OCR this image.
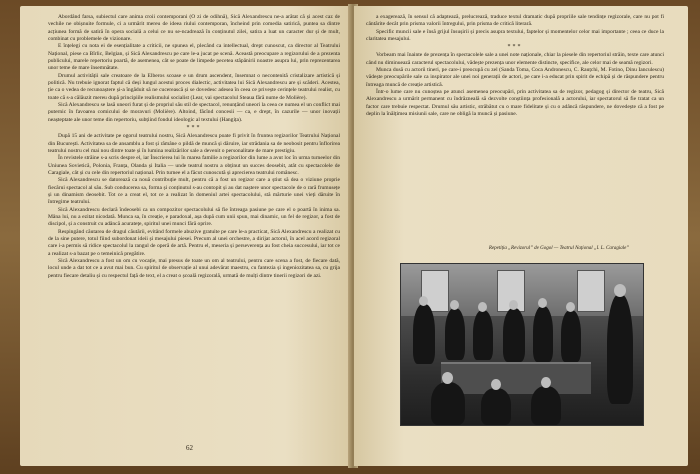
Abordând farsa, subiectul care anima croii contemporani (O zi de odihnă), Sică Alexandrescu ne-a arătat că și acest caz de vechile ne obișnuite formule, ci a urmărit mereu de ideea riului contemporan, încheind prin comedia satirică, puntea sa dintre acțiunea formă de satiră în opera socială a celui ce nu se-ncadrează în conținutul zilei, satira a luat un caracter dur și de mult, combinat cu problemele de vizionare.

E înțelegi cu nota ei de esențialitate a criticii, ne spunea el, plecând ca intellectual, drept cunoscut, ca director al Teatrului Național, piese ca Bîrlic, Belgian, și Sică Alexandrescu pe care le-a jucat pe scenă. Această preocupare a regizorului de a prezenta publicului, marele repertoriu poartă, de asemenea, cât se poate de limpede pecetea stăpânirii noastre asupra lui, prin reprezentarea unor teme de mare însemnătate.

Drumul activității sale creatoare de la Elberos scoase e un drum ascendent, însemnat o necontenită cristalizare artistică și politică. Nu trebuie ignorat faptul că deși lungul acestui proces dialectic, activitatea lui Sică Alexandrescu are și scăderi. Acestea, ție ca o vedea de recunoaștere și-a îngăduit să ne cucerească și se dovedesc adesea în ceea ce privește cerințele teatrului realist, cu toate că s-a călăuzit mereu după principiile realismului socialist (Lear, vai spectacolul Steaua fără nume de Molière).

Sică Alexandrescu se lasă uneori furat și de propriul său stil de spectacol, renunțând uneori la ceea ce numea el un conflict mai puternic în favoarea comicului de moravuri (Molière). Altoind, făcînd concesii — ca, e drept, în cazurile — unor inovații neașteptate ale unor teme din repertoriu, subțiind fondul ideologic al textului (Hangița).

***

După 15 ani de activitate pe ogorul teatrului nostru, Sică Alexandrescu poate fi privit în fruntea regizorilor Teatrului Național din București. Activitatea sa de ansamblu a fost și rămâne o pildă de muncă și dăruire, iar strădania sa de neobosit pentru înflorirea teatrului nostru cel mai nou dintre toate și în lumina realizărilor sale a devenit o personalitate de mare prestigiu.

În revistele străine s-a scris despre el, iar Înscrierea lui în marea familie a regizorilor din lume a avut loc în urma turneelor din Uniunea Sovietică, Polonia, Franța, Olanda și Italia — unde teatrul nostru a obținut un succes deosebit, atât cu spectacolele de Caragiale, cât și cu cele din repertoriul național. Prin turnee el a făcut cunoscută și aprecierea teatrului românesc.

Sică Alexandrescu se datorează ca nouă contribuție mult, pentru că a fost un regizor care a știut să dea o viziune proprie fiecărui spectacol al său. Sub conducerea sa, forma și conținutul s-au contopit și au dat naștere unor spectacole de o rară frumusețe și un dinamism deosebit. Tot ce a creat el, tot ce a realizat în domeniul artei spectacolului, stă mărturie unei vieți dăruite în întregime teatrului.

Sică Alexandrescu declară îndeosebi ca un compozitor spectacolului să fie întreaga pasiune pe care el o poartă în inima sa. Mâna lui, nu a ezitat nicodată. Munca sa, în creație, e paradoxal, așa după cum unii spun, mai dinamic, un fel de regizor, a fost de discipol, și a construit cu adâncă acuratețe, spiritul unei munci fără oprire.

Respingând căutarea de dragul căutării, evitând formele abuzive gratuite pe care le-a practicat, Sică Alexandrescu a realizat cu de la sine putere, totul fiind subordonat ideii și mesajului piesei. Precum al unei orchestre, a dirijat actorul, în acel acord regizoral care i-a permis să ridice spectacolul la rangul de operă de artă. Pentru el, meseria și perseverența au fost cheia succesului, iar tot ce a realizat s-a bazat pe o temeinică pregătire.

Sică Alexandrescu a fost un om cu vocație, mai presus de toate un om al teatrului, pentru care scena a fost, de fiecare dată, locul unde a dat tot ce a avut mai bun. Cu spiritul de observație al unui adevărat maestru, cu fantezia și ingeniozitatea sa, cu grija pentru fiecare detaliu și cu respectul față de text, el a creat o școală regizorală, urmată de mulți dintre tinerii regizori de azi.

62

a exagerează, în sensul că adaptează, prelucrează, traduce textul dramatic după propriile sale tendințe regizorale, care nu pot fi cântărite decât prin prisma valorii întregului, prin prisma de critică literară.

Specific muncii sale e însă grijul însușirii și precis asupra textului, faptelor și momentelor celor mai importante ; ceea ce duce la claritatea mesajului.

***

Vorbeam mai înainte de prezența în spectacolele sale a unei note naționale, chiar la piesele din repertoriul străin, texte care atunci când nu diminuează caracterul spectacolului, vădește prezența unor elemente distincte, specifice, ale celor mai de seamă regizori.

Munca dusă cu actorii tineri, pe care-i preocupă cu zel (Sanda Toma, Coca Andronescu, C. Rauțchi, M. Fotino, Dinu Ianculescu) vădește preocupările sale ca inspirator ale unei noi generații de actori, pe care i-a educat prin spirit de echipă și de răspundere pentru întreaga muncă de creație artistică.

Într-o lume care nu cunoștea pe atunci asemenea preocupări, prin activitatea sa de regizor, pedagog și director de teatru, Sică Alexandrescu a urmărit permanent cu îndrăzneală să dezvolte conștiința profesională a actorului, iar spectatorul să fie tratat ca un factor care trebuie respectat. Drumul său artistic, străbătut cu o mare fidelitate și cu o adâncă răspundere, ne dovedește că a fost pe deplin la înălțimea misiunii sale, care ne obligă la muncă și pasiune.

Repetiția „Revizorul” de Gogol — Teatrul Național „I. L. Caragiale”
